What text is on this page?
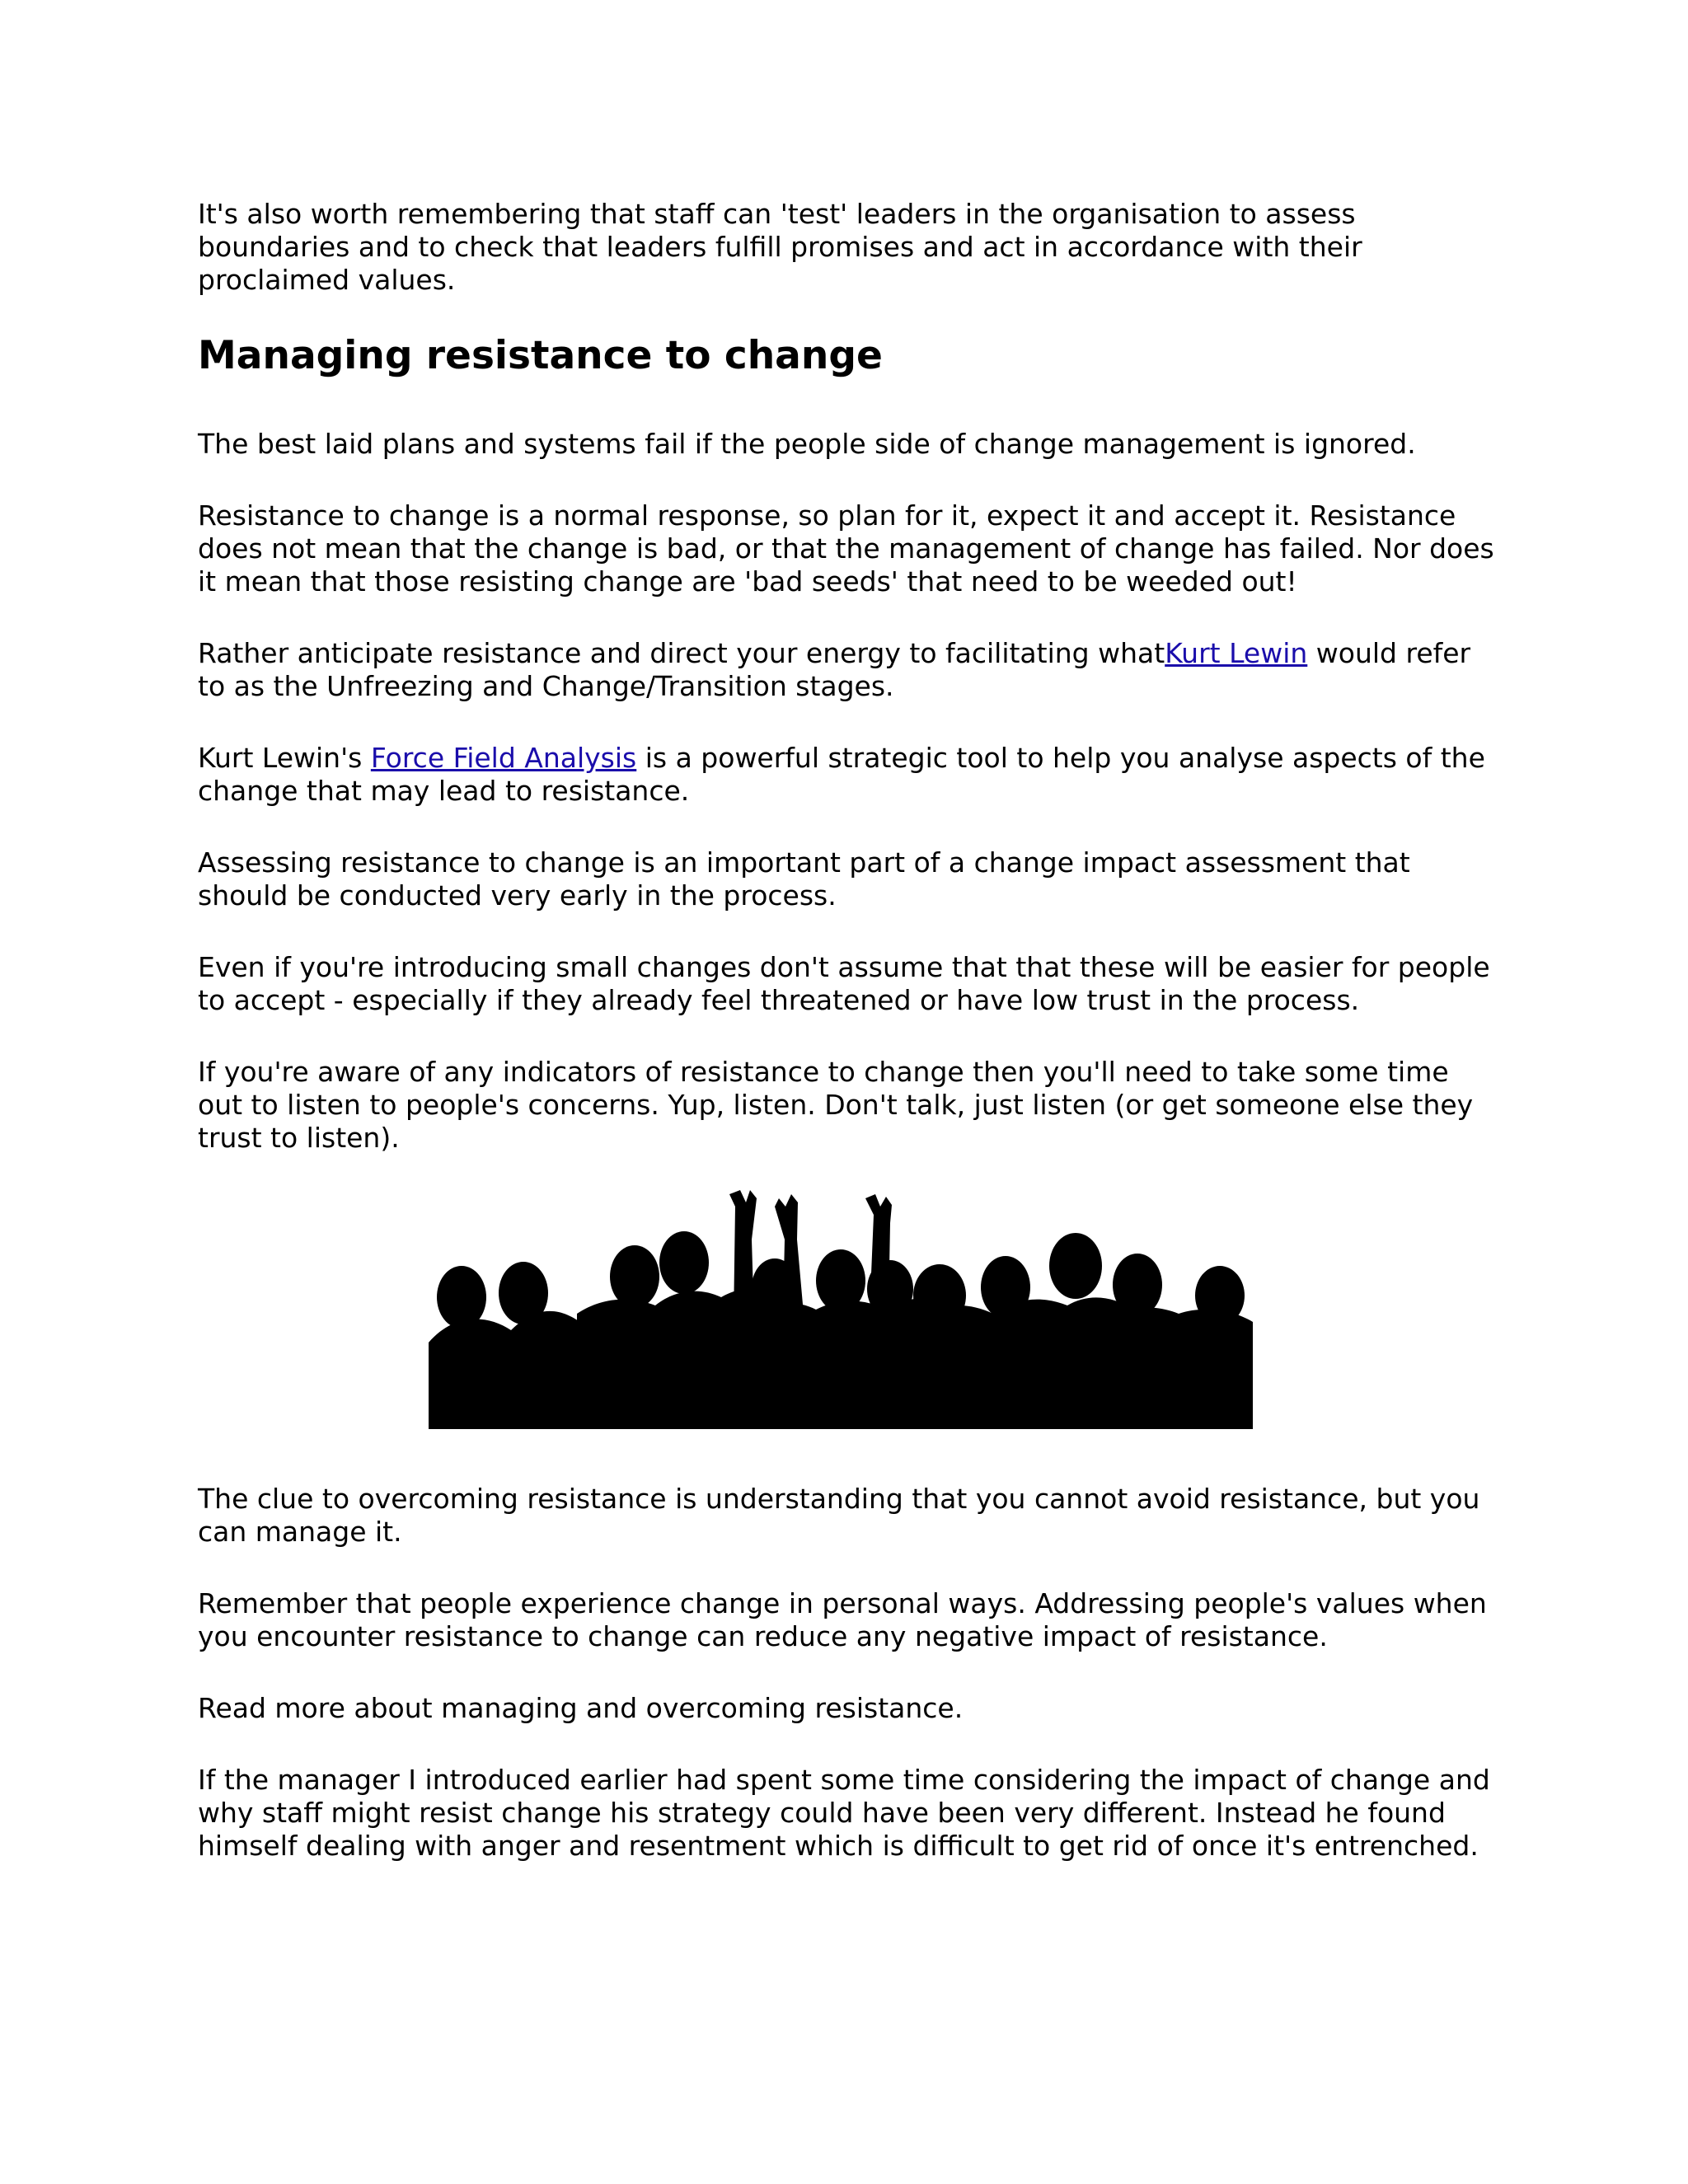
It's also worth remembering that staff can 'test' leaders in the organisation to assess boundaries and to check that leaders fulfill promises and act in accordance with their proclaimed values.

Managing resistance to change

The best laid plans and systems fail if the people side of change management is ignored.

Resistance to change is a normal response, so plan for it, expect it and accept it. Resistance does not mean that the change is bad, or that the management of change has failed. Nor does it mean that those resisting change are 'bad seeds' that need to be weeded out!

Rather anticipate resistance and direct your energy to facilitating whatKurt Lewin would refer to as the Unfreezing and Change/Transition stages.

Kurt Lewin's Force Field Analysis is a powerful strategic tool to help you analyse aspects of the change that may lead to resistance.

Assessing resistance to change is an important part of a change impact assessment that should be conducted very early in the process.

Even if you're introducing small changes don't assume that that these will be easier for people to accept - especially if they already feel threatened or have low trust in the process.

If you're aware of any indicators of resistance to change then you'll need to take some time out to listen to people's concerns. Yup, listen. Don't talk, just listen (or get someone else they trust to listen).

The clue to overcoming resistance is understanding that you cannot avoid resistance, but you can manage it.

Remember that people experience change in personal ways. Addressing people's values when you encounter resistance to change can reduce any negative impact of resistance.

Read more about managing and overcoming resistance.

If the manager I introduced earlier had spent some time considering the impact of change and why staff might resist change his strategy could have been very different. Instead he found himself dealing with anger and resentment which is difficult to get rid of once it's entrenched.
